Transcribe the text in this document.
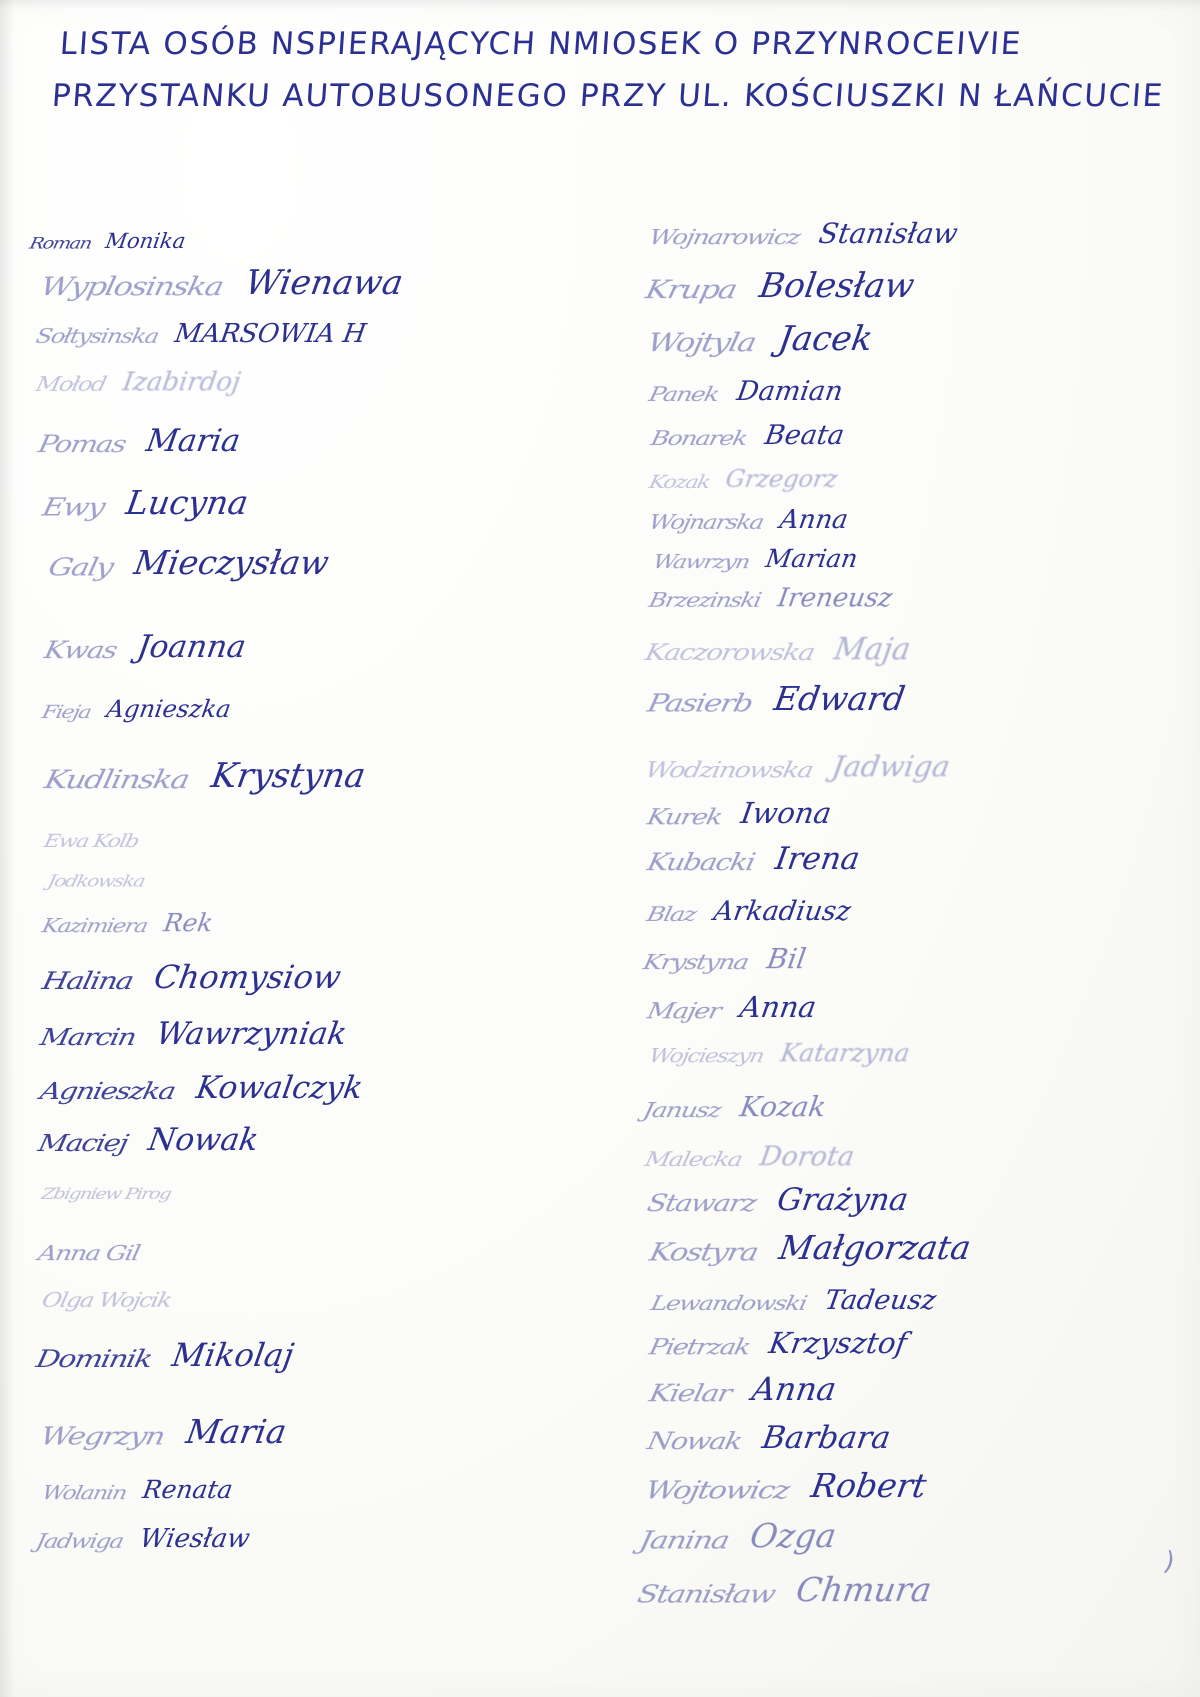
LISTA OSÓB NSPIERAJĄCYCH NMIOSEK O PRZYNROCEIVIE
PRZYSTANKU AUTOBUSONEGO PRZY UL. KOŚCIUSZKI N ŁAŃCUCIE
Roman Monika
Wyplosinska Wienawa
Sołtysinska MARSOWIA H
Mołod Izabirdoj
Pomas Maria
Ewy Lucyna
Galy Mieczysław
Kwas Joanna
Fieja Agnieszka
Kudlinska Krystyna
Ewa Kolb
Jodkowska
Kazimiera Rek
Halina Chomysiow
Marcin Wawrzyniak
Agnieszka Kowalczyk
Maciej Nowak
Zbigniew Pirog
Anna Gil
Olga Wojcik
Dominik Mikolaj
Wegrzyn Maria
Wolanin Renata
Jadwiga Wiesław
Wojnarowicz Stanisław
Krupa Bolesław
Wojtyla Jacek
Panek Damian
Bonarek Beata
Kozak Grzegorz
Wojnarska Anna
Wawrzyn Marian
Brzezinski Ireneusz
Kaczorowska Maja
Pasierb Edward
Wodzinowska Jadwiga
Kurek Iwona
Kubacki Irena
Blaz Arkadiusz
Krystyna Bil
Majer Anna
Wojcieszyn Katarzyna
Janusz Kozak
Malecka Dorota
Stawarz Grażyna
Kostyra Małgorzata
Lewandowski Tadeusz
Pietrzak Krzysztof
Kielar Anna
Nowak Barbara
Wojtowicz Robert
Janina Ozga
Stanisław Chmura
)
